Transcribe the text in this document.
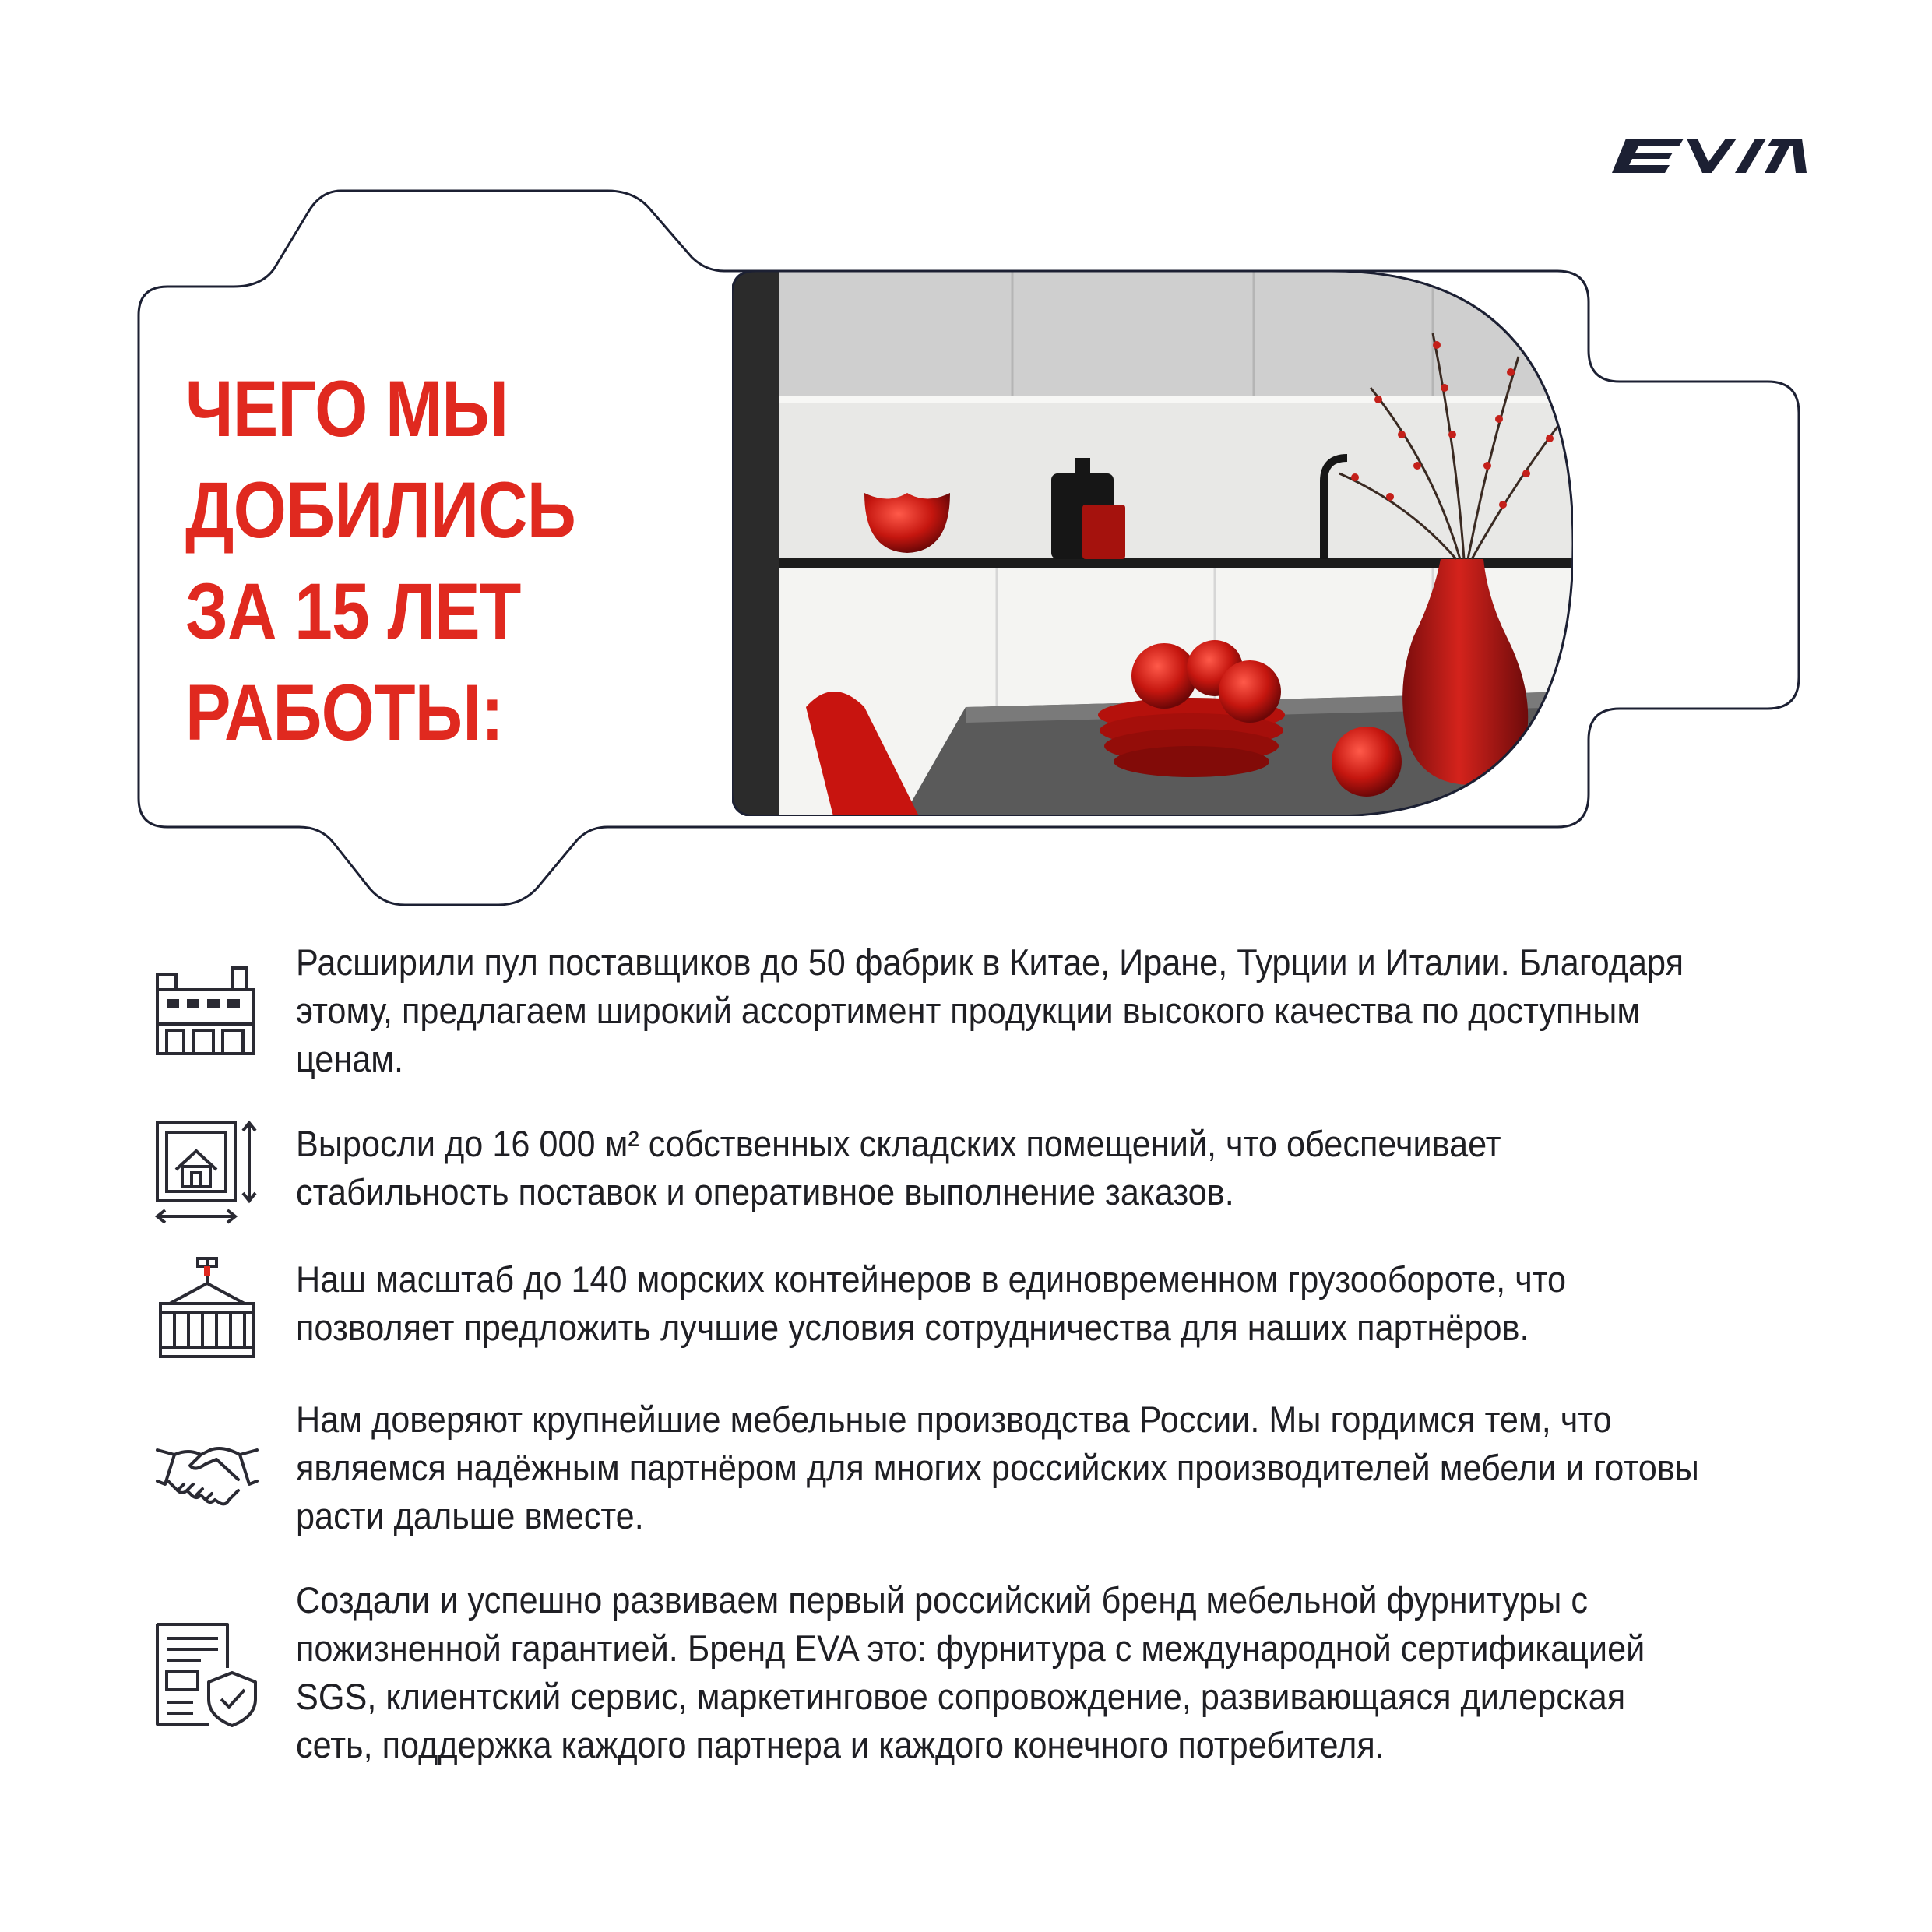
ЧЕГО МЫ
ДОБИЛИСЬ
ЗА 15 ЛЕТ
РАБОТЫ:
Расширили пул поставщиков до 50 фабрик в Китае, Иране, Турции и Италии. Благодаря этому, предлагаем широкий ассортимент продукции высокого качества по доступным ценам.
Выросли до 16 000 м² собственных складских помещений, что обеспечивает стабильность поставок и оперативное выполнение заказов.
Наш масштаб до 140 морских контейнеров в единовременном грузообороте, что позволяет предложить лучшие условия сотрудничества для наших партнёров.
Нам доверяют крупнейшие мебельные производства России. Мы гордимся тем, что являемся надёжным партнёром для многих российских производителей мебели и готовы расти дальше вместе.
Создали и успешно развиваем первый российский бренд мебельной фурнитуры с пожизненной гарантией. Бренд EVA это: фурнитура с международной сертификацией SGS, клиентский сервис, маркетинговое сопровождение, развивающаяся дилерская сеть, поддержка каждого партнера и каждого конечного потребителя.
